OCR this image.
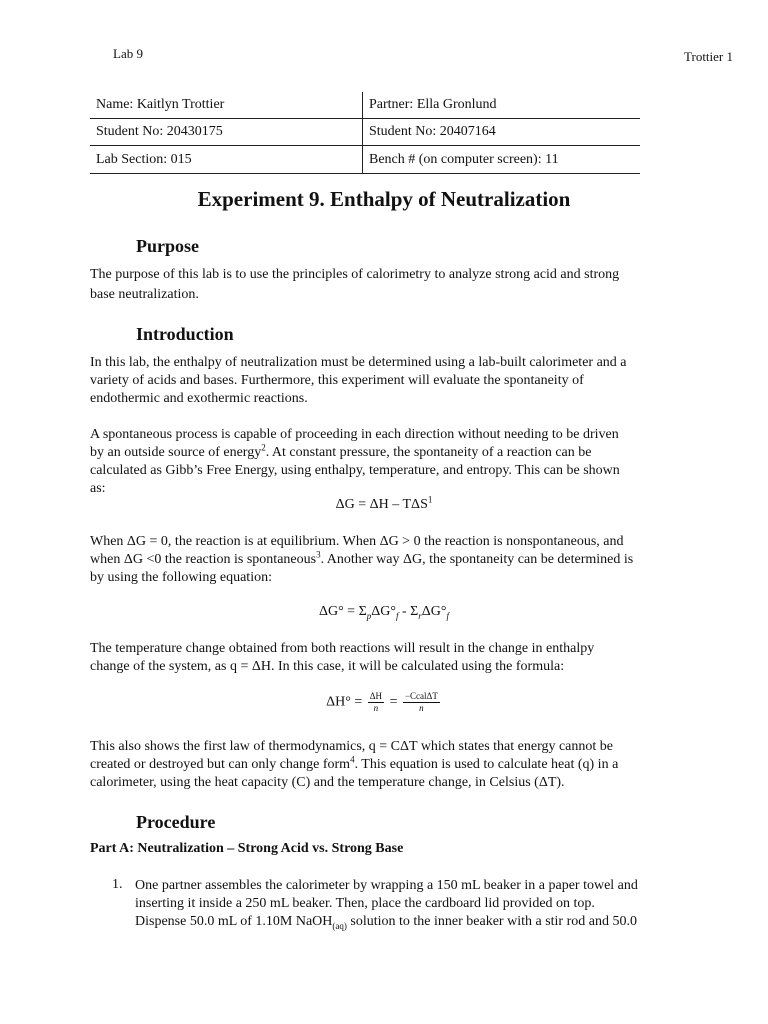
Lab 9	Trottier 1
Name: Kaitlyn Trottier	Partner: Ella Gronlund
Student No: 20430175	Student No: 20407164
Lab Section: 015	Bench # (on computer screen): 11
Experiment 9. Enthalpy of Neutralization
Purpose
The purpose of this lab is to use the principles of calorimetry to analyze strong acid and strong
base neutralization.
Introduction
In this lab, the enthalpy of neutralization must be determined using a lab-built calorimeter and a
variety of acids and bases. Furthermore, this experiment will evaluate the spontaneity of
endothermic and exothermic reactions.
A spontaneous process is capable of proceeding in each direction without needing to be driven
by an outside source of energy$^2$. At constant pressure, the spontaneity of a reaction can be
calculated as Gibb’s Free Energy, using enthalpy, temperature, and entropy. This can be shown
as:
ΔG = ΔH – TΔS$^1$
When ΔG = 0, the reaction is at equilibrium. When ΔG > 0 the reaction is nonspontaneous, and
when ΔG <0 the reaction is spontaneous$^3$. Another way ΔG, the spontaneity can be determined is
by using the following equation:
$\Delta G^\circ = \Sigma_p\Delta G^\circ_f - \Sigma_r\Delta G^\circ_f$
The temperature change obtained from both reactions will result in the change in enthalpy
change of the system, as q = ΔH. In this case, it will be calculated using the formula:
$\Delta H^\circ = \frac{\Delta H}{n} = \frac{\text{−CcalΔT}}{n}$
This also shows the first law of thermodynamics, q = CΔT which states that energy cannot be
created or destroyed but can only change form$^4$. This equation is used to calculate heat (q) in a
calorimeter, using the heat capacity (C) and the temperature change, in Celsius (ΔT).
Procedure
Part A: Neutralization – Strong Acid vs. Strong Base
1. One partner assembles the calorimeter by wrapping a 150 mL beaker in a paper towel and
inserting it inside a 250 mL beaker. Then, place the cardboard lid provided on top.
Dispense 50.0 mL of 1.10M NaOH$_{(aq)}$ solution to the inner beaker with a stir rod and 50.0
